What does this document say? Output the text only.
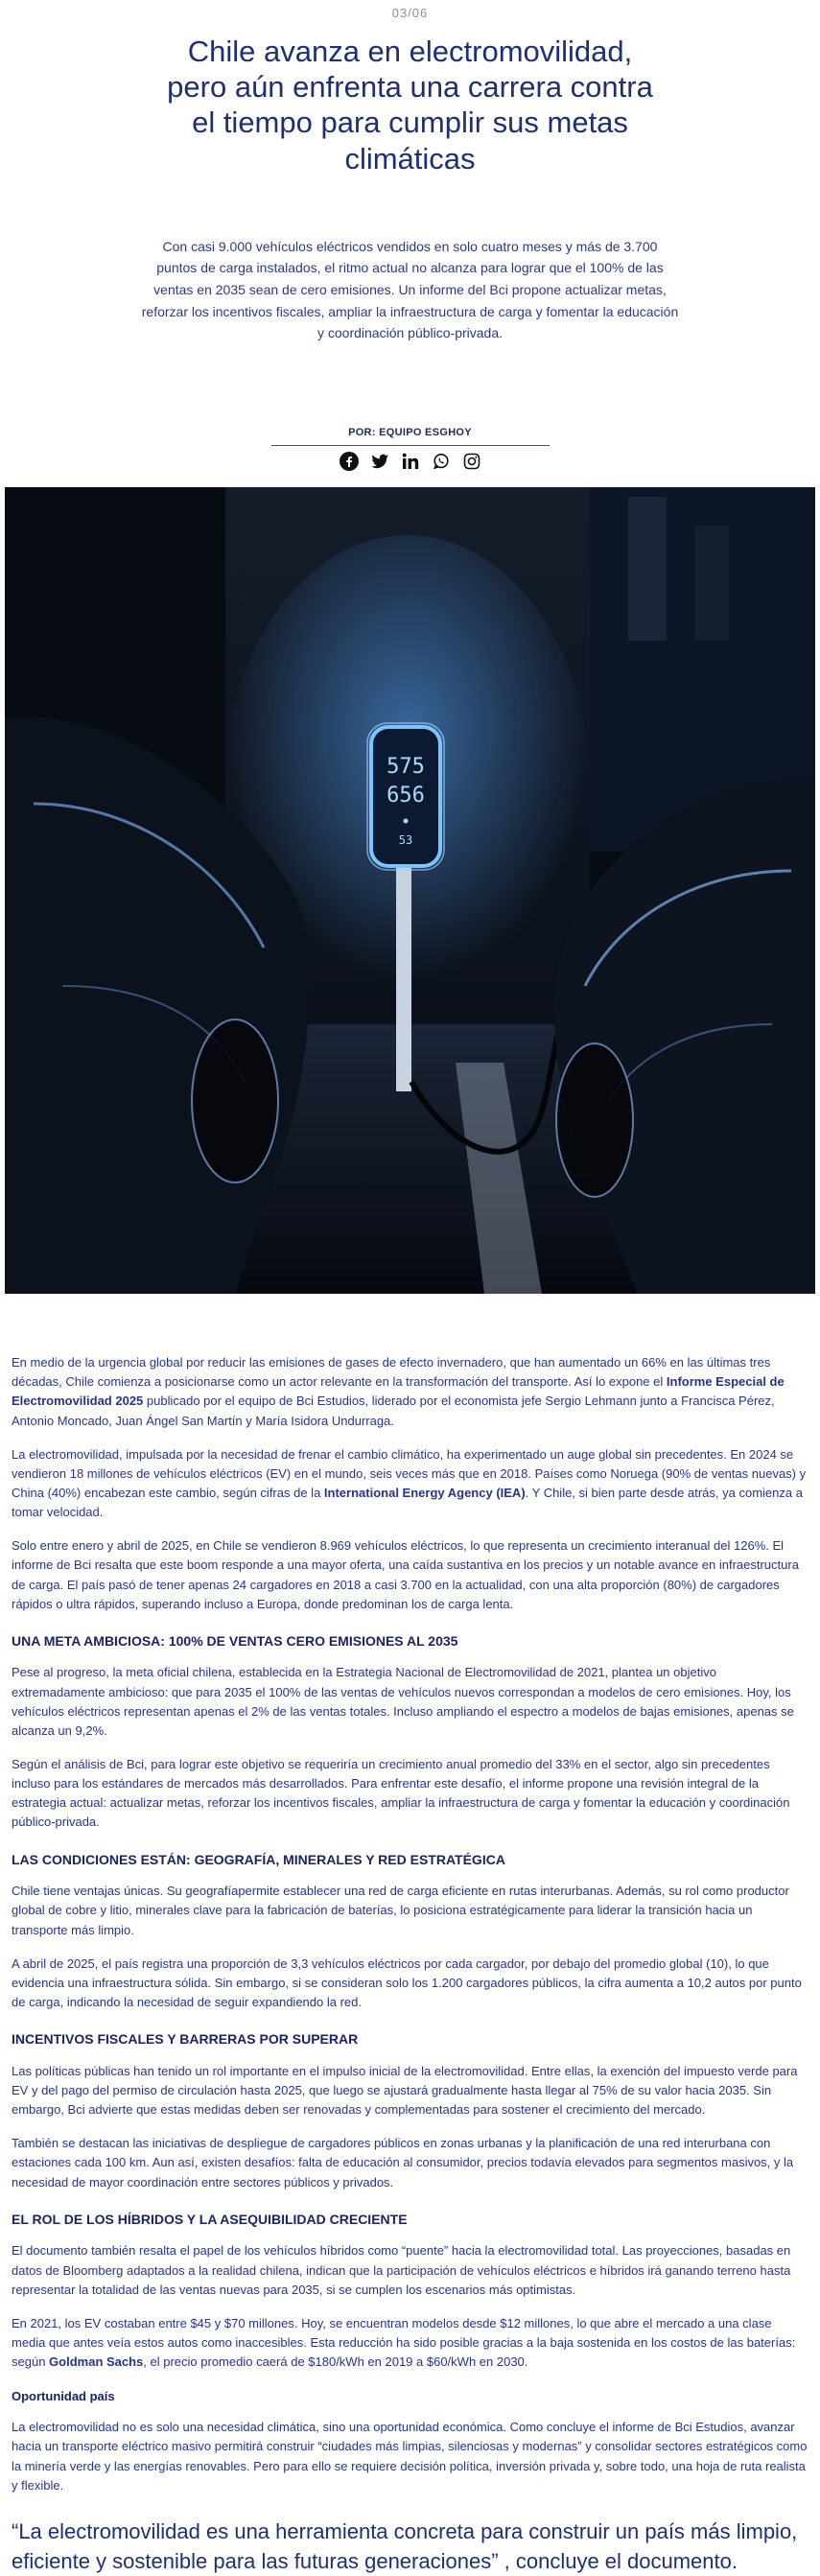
03/06
Chile avanza en electromovilidad, pero aún enfrenta una carrera contra el tiempo para cumplir sus metas climáticas
Con casi 9.000 vehículos eléctricos vendidos en solo cuatro meses y más de 3.700 puntos de carga instalados, el ritmo actual no alcanza para lograr que el 100% de las ventas en 2035 sean de cero emisiones. Un informe del Bci propone actualizar metas, reforzar los incentivos fiscales, ampliar la infraestructura de carga y fomentar la educación y coordinación público-privada.
POR: EQUIPO ESGHOY
575
656
53

En medio de la urgencia global por reducir las emisiones de gases de efecto invernadero, que han aumentado un 66% en las últimas tres décadas, Chile comienza a posicionarse como un actor relevante en la transformación del transporte. Así lo expone el Informe Especial de Electromovilidad 2025 publicado por el equipo de Bci Estudios, liderado por el economista jefe Sergio Lehmann junto a Francisca Pérez, Antonio Moncado, Juan Ángel San Martín y María Isidora Undurraga.

La electromovilidad, impulsada por la necesidad de frenar el cambio climático, ha experimentado un auge global sin precedentes. En 2024 se vendieron 18 millones de vehículos eléctricos (EV) en el mundo, seis veces más que en 2018. Países como Noruega (90% de ventas nuevas) y China (40%) encabezan este cambio, según cifras de la International Energy Agency (IEA). Y Chile, si bien parte desde atrás, ya comienza a tomar velocidad.

Solo entre enero y abril de 2025, en Chile se vendieron 8.969 vehículos eléctricos, lo que representa un crecimiento interanual del 126%. El informe de Bci resalta que este boom responde a una mayor oferta, una caída sustantiva en los precios y un notable avance en infraestructura de carga. El país pasó de tener apenas 24 cargadores en 2018 a casi 3.700 en la actualidad, con una alta proporción (80%) de cargadores rápidos o ultra rápidos, superando incluso a Europa, donde predominan los de carga lenta.

UNA META AMBICIOSA: 100% DE VENTAS CERO EMISIONES AL 2035

Pese al progreso, la meta oficial chilena, establecida en la Estrategia Nacional de Electromovilidad de 2021, plantea un objetivo extremadamente ambicioso: que para 2035 el 100% de las ventas de vehículos nuevos correspondan a modelos de cero emisiones. Hoy, los vehículos eléctricos representan apenas el 2% de las ventas totales. Incluso ampliando el espectro a modelos de bajas emisiones, apenas se alcanza un 9,2%.

Según el análisis de Bci, para lograr este objetivo se requeriría un crecimiento anual promedio del 33% en el sector, algo sin precedentes incluso para los estándares de mercados más desarrollados. Para enfrentar este desafío, el informe propone una revisión integral de la estrategia actual: actualizar metas, reforzar los incentivos fiscales, ampliar la infraestructura de carga y fomentar la educación y coordinación público-privada.

LAS CONDICIONES ESTÁN: GEOGRAFÍA, MINERALES Y RED ESTRATÉGICA

Chile tiene ventajas únicas. Su geografíapermite establecer una red de carga eficiente en rutas interurbanas. Además, su rol como productor global de cobre y litio, minerales clave para la fabricación de baterías, lo posiciona estratégicamente para liderar la transición hacia un transporte más limpio.

A abril de 2025, el país registra una proporción de 3,3 vehículos eléctricos por cada cargador, por debajo del promedio global (10), lo que evidencia una infraestructura sólida. Sin embargo, si se consideran solo los 1.200 cargadores públicos, la cifra aumenta a 10,2 autos por punto de carga, indicando la necesidad de seguir expandiendo la red.

INCENTIVOS FISCALES Y BARRERAS POR SUPERAR

Las políticas públicas han tenido un rol importante en el impulso inicial de la electromovilidad. Entre ellas, la exención del impuesto verde para EV y del pago del permiso de circulación hasta 2025, que luego se ajustará gradualmente hasta llegar al 75% de su valor hacia 2035. Sin embargo, Bci advierte que estas medidas deben ser renovadas y complementadas para sostener el crecimiento del mercado.

También se destacan las iniciativas de despliegue de cargadores públicos en zonas urbanas y la planificación de una red interurbana con estaciones cada 100 km. Aun así, existen desafíos: falta de educación al consumidor, precios todavía elevados para segmentos masivos, y la necesidad de mayor coordinación entre sectores públicos y privados.

EL ROL DE LOS HÍBRIDOS Y LA ASEQUIBILIDAD CRECIENTE

El documento también resalta el papel de los vehículos híbridos como “puente” hacia la electromovilidad total. Las proyecciones, basadas en datos de Bloomberg adaptados a la realidad chilena, indican que la participación de vehículos eléctricos e híbridos irá ganando terreno hasta representar la totalidad de las ventas nuevas para 2035, si se cumplen los escenarios más optimistas.

En 2021, los EV costaban entre $45 y $70 millones. Hoy, se encuentran modelos desde $12 millones, lo que abre el mercado a una clase media que antes veía estos autos como inaccesibles. Esta reducción ha sido posible gracias a la baja sostenida en los costos de las baterías: según Goldman Sachs, el precio promedio caerá de $180/kWh en 2019 a $60/kWh en 2030.

Oportunidad país

La electromovilidad no es solo una necesidad climática, sino una oportunidad económica. Como concluye el informe de Bci Estudios, avanzar hacia un transporte eléctrico masivo permitirá construir “ciudades más limpias, silenciosas y modernas” y consolidar sectores estratégicos como la minería verde y las energías renovables. Pero para ello se requiere decisión política, inversión privada y, sobre todo, una hoja de ruta realista y flexible.

“La electromovilidad es una herramienta concreta para construir un país más limpio, eficiente y sostenible para las futuras generaciones” , concluye el documento.
